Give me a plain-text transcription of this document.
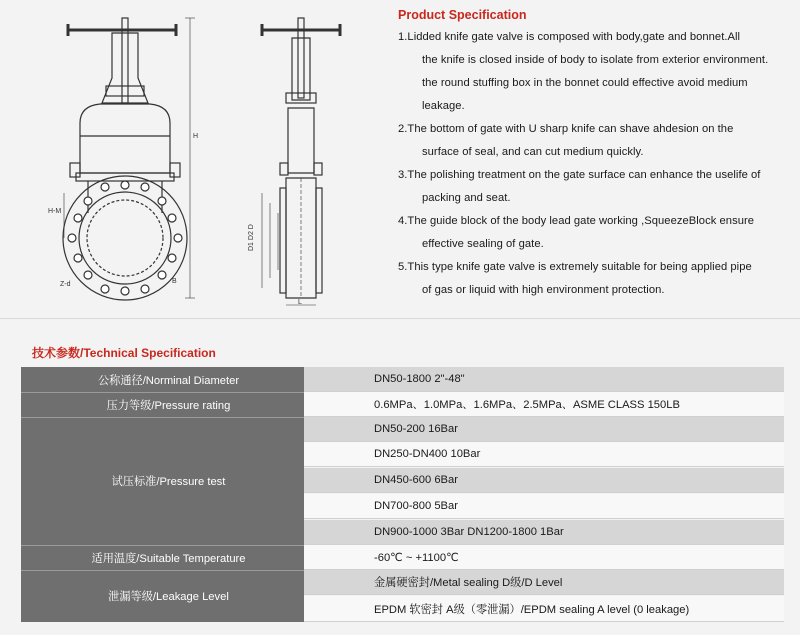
H-M
Z-d	B
H
D1 D2 D
L
Product Specification

1.Lidded knife gate valve is composed with body,gate and bonnet.All
the knife is closed inside of body to isolate from exterior environment.
the round stuffing box in the bonnet could effective avoid medium
leakage.

2.The bottom of gate with U sharp knife can shave ahdesion on the
surface of seal, and can cut medium quickly.

3.The polishing treatment on the gate surface can enhance the uselife of
packing and seat.

4.The guide block of the body lead gate working ,SqueezeBlock ensure
effective sealing of gate.

5.This type knife gate valve is extremely suitable for being applied pipe
of gas or liquid with high environment protection.

技术参数/Technical Specification
公称通径/Norminal Diameter
压力等级/Pressure rating
试压标准/Pressure test
适用温度/Suitable Temperature
泄漏等级/Leakage Level
DN50-1800 2"-48"
0.6MPa、1.0MPa、1.6MPa、2.5MPa、ASME CLASS 150LB
DN50-200 16Bar
DN250-DN400 10Bar
DN450-600 6Bar
DN700-800 5Bar
DN900-1000 3Bar DN1200-1800 1Bar
-60℃ ~ +1100℃
金属硬密封/Metal sealing D级/D Level
EPDM 软密封 A级（零泄漏）/EPDM sealing A level (0 leakage)
